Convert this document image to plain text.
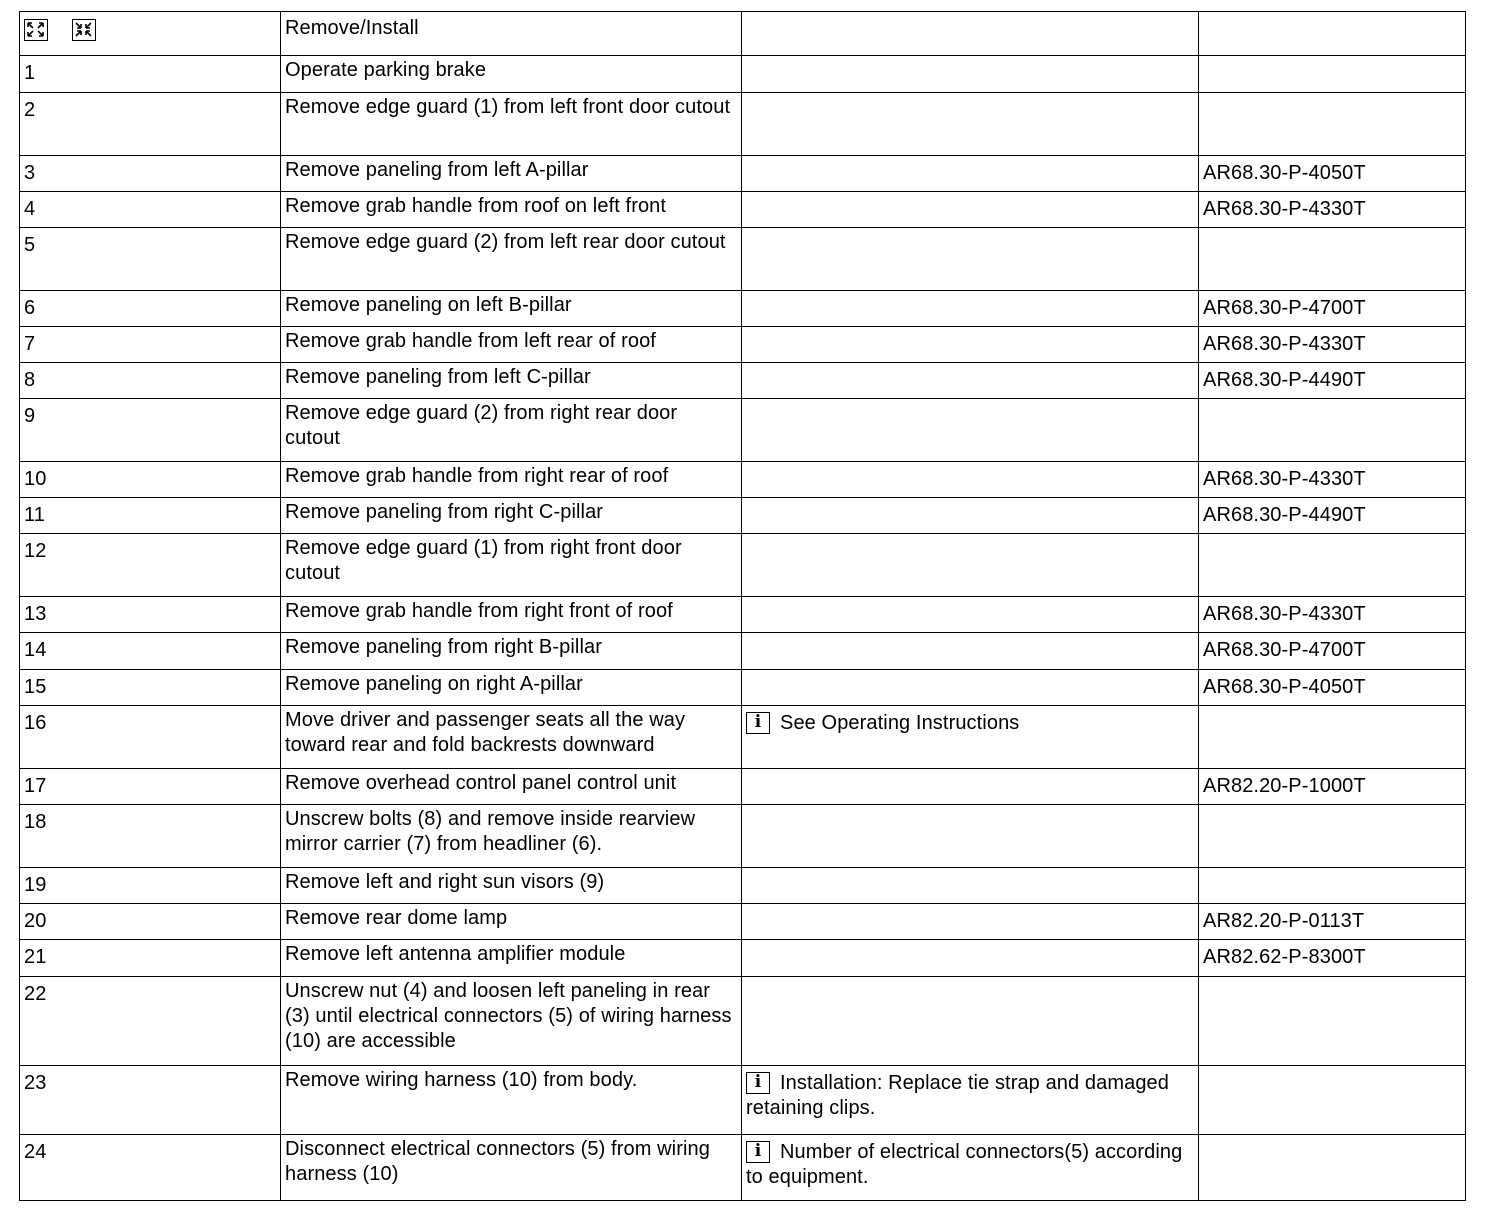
	Remove/Install		
1	Operate parking brake		
2	Remove edge guard (1) from left front door cutout		
3	Remove paneling from left A-pillar		AR68.30-P-4050T
4	Remove grab handle from roof on left front		AR68.30-P-4330T
5	Remove edge guard (2) from left rear door cutout		
6	Remove paneling on left B-pillar		AR68.30-P-4700T
7	Remove grab handle from left rear of roof		AR68.30-P-4330T
8	Remove paneling from left C-pillar		AR68.30-P-4490T
9	Remove edge guard (2) from right rear door cutout		
10	Remove grab handle from right rear of roof		AR68.30-P-4330T
11	Remove paneling from right C-pillar		AR68.30-P-4490T
12	Remove edge guard (1) from right front door cutout		
13	Remove grab handle from right front of roof		AR68.30-P-4330T
14	Remove paneling from right B-pillar		AR68.30-P-4700T
15	Remove paneling on right A-pillar		AR68.30-P-4050T
16	Move driver and passenger seats all the way toward rear and fold backrests downward	i See Operating Instructions	
17	Remove overhead control panel control unit		AR82.20-P-1000T
18	Unscrew bolts (8) and remove inside rearview mirror carrier (7) from headliner (6).		
19	Remove left and right sun visors (9)		
20	Remove rear dome lamp		AR82.20-P-0113T
21	Remove left antenna amplifier module		AR82.62-P-8300T
22	Unscrew nut (4) and loosen left paneling in rear (3) until electrical connectors (5) of wiring harness (10) are accessible		
23	Remove wiring harness (10) from body.	i Installation: Replace tie strap and damaged retaining clips.	
24	Disconnect electrical connectors (5) from wiring harness (10)	i Number of electrical connectors(5) according to equipment.	
